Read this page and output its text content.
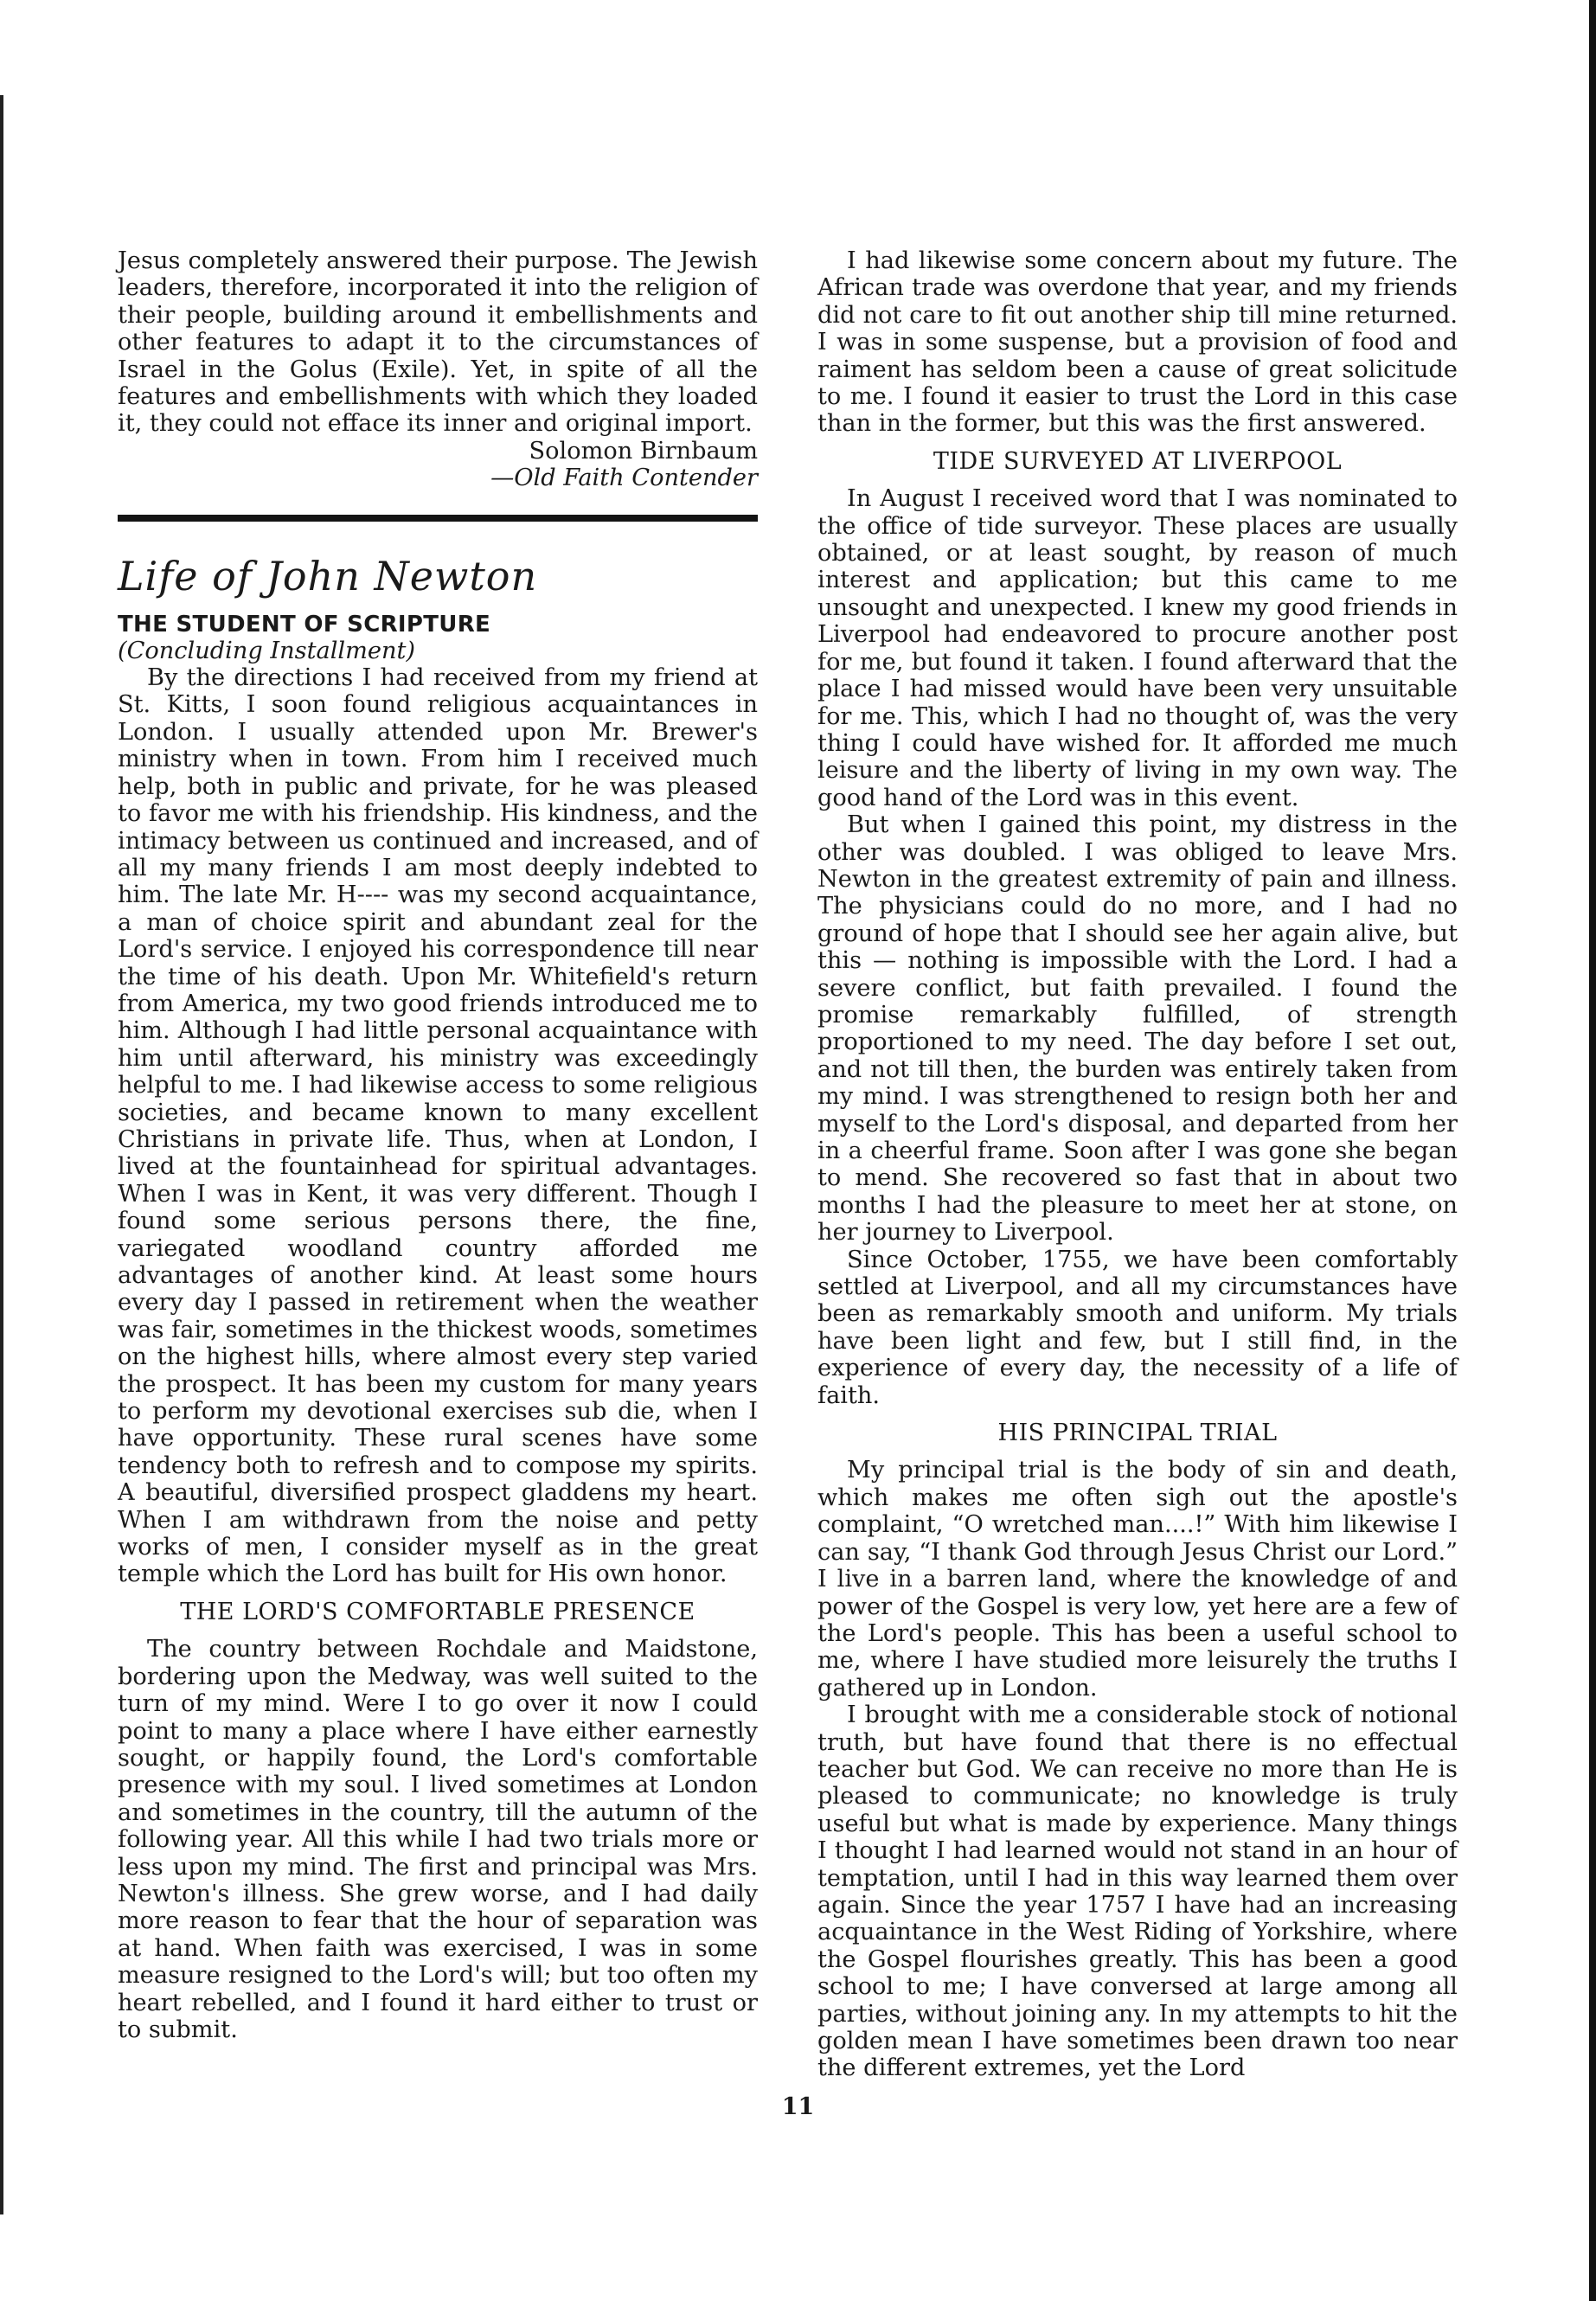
Jesus completely answered their purpose. The Jewish leaders, therefore, incorporated it into the religion of their people, building around it embellishments and other features to adapt it to the circumstances of Israel in the Golus (Exile). Yet, in spite of all the features and embellishments with which they loaded it, they could not efface its inner and original import.

Solomon Birnbaum

—Old Faith Contender

Life of John Newton
THE STUDENT OF SCRIPTURE

(Concluding Installment)

By the directions I had received from my friend at St. Kitts, I soon found religious acquaintances in London. I usually attended upon Mr. Brewer's ministry when in town. From him I received much help, both in public and private, for he was pleased to favor me with his friendship. His kindness, and the intimacy between us continued and increased, and of all my many friends I am most deeply indebted to him. The late Mr. H---- was my second acquaintance, a man of choice spirit and abundant zeal for the Lord's service. I enjoyed his correspondence till near the time of his death. Upon Mr. Whitefield's return from America, my two good friends introduced me to him. Although I had little personal acquaintance with him until afterward, his ministry was exceedingly helpful to me. I had likewise access to some religious societies, and became known to many excellent Christians in private life. Thus, when at London, I lived at the fountainhead for spiritual advantages. When I was in Kent, it was very different. Though I found some serious persons there, the fine, variegated woodland country afforded me advantages of another kind. At least some hours every day I passed in retirement when the weather was fair, sometimes in the thickest woods, sometimes on the highest hills, where almost every step varied the prospect. It has been my custom for many years to perform my devotional exercises sub die, when I have opportunity. These rural scenes have some tendency both to refresh and to compose my spirits. A beautiful, diversified prospect gladdens my heart. When I am withdrawn from the noise and petty works of men, I consider myself as in the great temple which the Lord has built for His own honor.

THE LORD'S COMFORTABLE PRESENCE

The country between Rochdale and Maidstone, bordering upon the Medway, was well suited to the turn of my mind. Were I to go over it now I could point to many a place where I have either earnestly sought, or happily found, the Lord's comfortable presence with my soul. I lived sometimes at London and sometimes in the country, till the autumn of the following year. All this while I had two trials more or less upon my mind. The first and principal was Mrs. Newton's illness. She grew worse, and I had daily more reason to fear that the hour of separation was at hand. When faith was exercised, I was in some measure resigned to the Lord's will; but too often my heart rebelled, and I found it hard either to trust or to submit.

I had likewise some concern about my future. The African trade was overdone that year, and my friends did not care to fit out another ship till mine returned. I was in some suspense, but a provision of food and raiment has seldom been a cause of great solicitude to me. I found it easier to trust the Lord in this case than in the former, but this was the first answered.

TIDE SURVEYED AT LIVERPOOL

In August I received word that I was nominated to the office of tide surveyor. These places are usually obtained, or at least sought, by reason of much interest and application; but this came to me unsought and unexpected. I knew my good friends in Liverpool had endeavored to procure another post for me, but found it taken. I found afterward that the place I had missed would have been very unsuitable for me. This, which I had no thought of, was the very thing I could have wished for. It afforded me much leisure and the liberty of living in my own way. The good hand of the Lord was in this event.

But when I gained this point, my distress in the other was doubled. I was obliged to leave Mrs. Newton in the greatest extremity of pain and illness. The physicians could do no more, and I had no ground of hope that I should see her again alive, but this — nothing is impossible with the Lord. I had a severe conflict, but faith prevailed. I found the promise remarkably fulfilled, of strength proportioned to my need. The day before I set out, and not till then, the burden was entirely taken from my mind. I was strengthened to resign both her and myself to the Lord's disposal, and departed from her in a cheerful frame. Soon after I was gone she began to mend. She recovered so fast that in about two months I had the pleasure to meet her at stone, on her journey to Liverpool.

Since October, 1755, we have been comfortably settled at Liverpool, and all my circumstances have been as remarkably smooth and uniform. My trials have been light and few, but I still find, in the experience of every day, the necessity of a life of faith.

HIS PRINCIPAL TRIAL

My principal trial is the body of sin and death, which makes me often sigh out the apostle's complaint, “O wretched man....!” With him likewise I can say, “I thank God through Jesus Christ our Lord.” I live in a barren land, where the knowledge of and power of the Gospel is very low, yet here are a few of the Lord's people. This has been a useful school to me, where I have studied more leisurely the truths I gathered up in London.

I brought with me a considerable stock of notional truth, but have found that there is no effectual teacher but God. We can receive no more than He is pleased to communicate; no knowledge is truly useful but what is made by experience. Many things I thought I had learned would not stand in an hour of temptation, until I had in this way learned them over again. Since the year 1757 I have had an increasing acquaintance in the West Riding of Yorkshire, where the Gospel flourishes greatly. This has been a good school to me; I have conversed at large among all parties, without joining any. In my attempts to hit the golden mean I have sometimes been drawn too near the different extremes, yet the Lord

11
